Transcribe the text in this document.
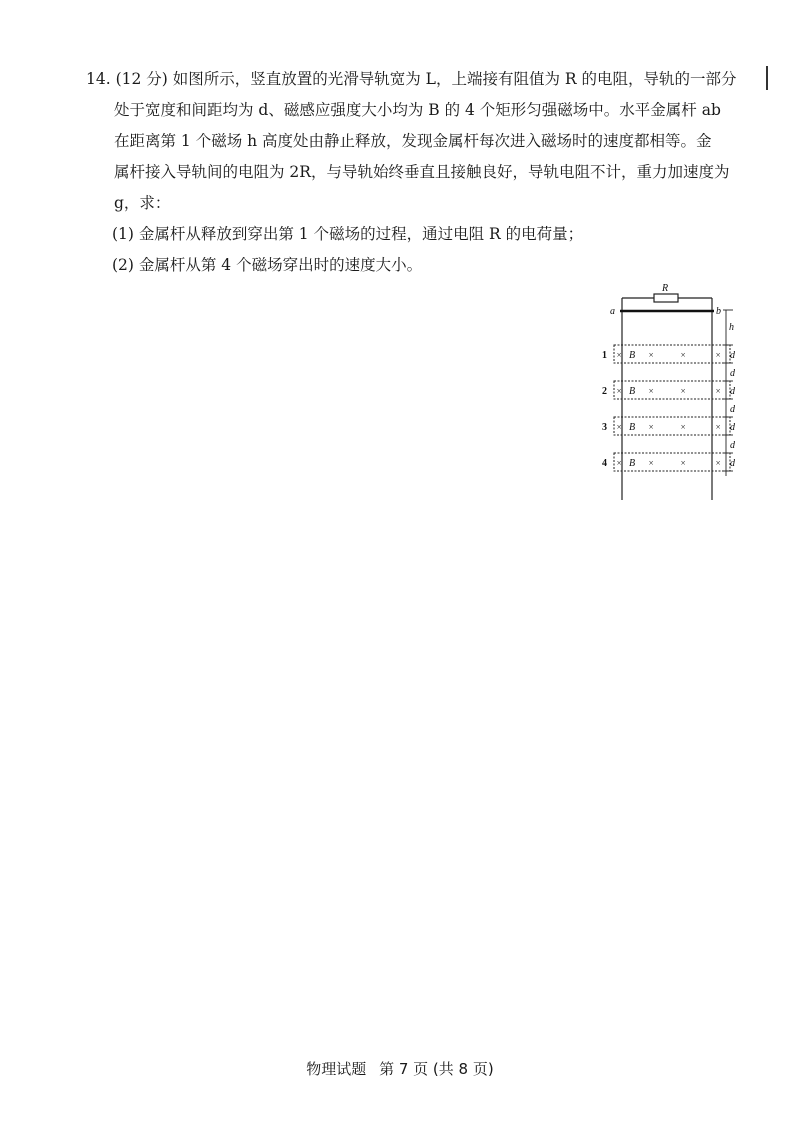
14. (12 分) 如图所示，竖直放置的光滑导轨宽为 L，上端接有阻值为 R 的电阻，导轨的一部分
处于宽度和间距均为 d、磁感应强度大小均为 B 的 4 个矩形匀强磁场中。水平金属杆 ab
在距离第 1 个磁场 h 高度处由静止释放，发现金属杆每次进入磁场时的速度都相等。金
属杆接入导轨间的电阻为 2R，与导轨始终垂直且接触良好，导轨电阻不计，重力加速度为
g，求：
(1) 金属杆从释放到穿出第 1 个磁场的过程，通过电阻 R 的电荷量；
(2) 金属杆从第 4 个磁场穿出时的速度大小。
R
a	b
h
1 × B ×	×	× d
d
2 × B ×	×	× d
d
3 × B ×	×	× d
d
4 × B ×	×	× d
物理试题 第 7 页 (共 8 页)
